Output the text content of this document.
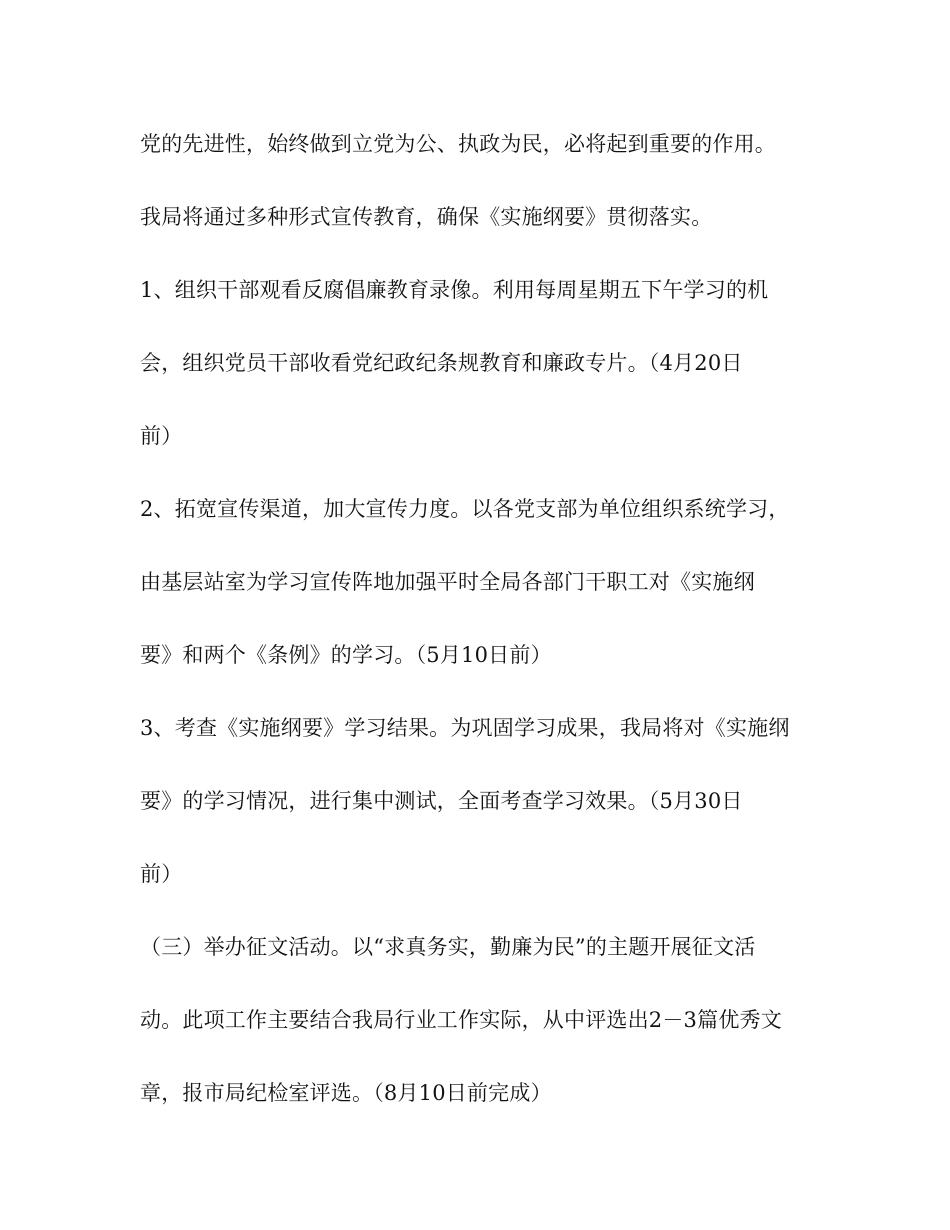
党的先进性，始终做到立党为公、执政为民，必将起到重要的作用。
我局将通过多种形式宣传教育，确保《实施纲要》贯彻落实。
1、组织干部观看反腐倡廉教育录像。利用每周星期五下午学习的机
会，组织党员干部收看党纪政纪条规教育和廉政专片。（4月20日
前）
2、拓宽宣传渠道，加大宣传力度。以各党支部为单位组织系统学习，
由基层站室为学习宣传阵地加强平时全局各部门干职工对《实施纲
要》和两个《条例》的学习。（5月10日前）
3、考查《实施纲要》学习结果。为巩固学习成果，我局将对《实施纲
要》的学习情况，进行集中测试，全面考查学习效果。（5月30日
前）
（三）举办征文活动。以“求真务实，勤廉为民”的主题开展征文活
动。此项工作主要结合我局行业工作实际，从中评选出2－3篇优秀文
章，报市局纪检室评选。（8月10日前完成）
